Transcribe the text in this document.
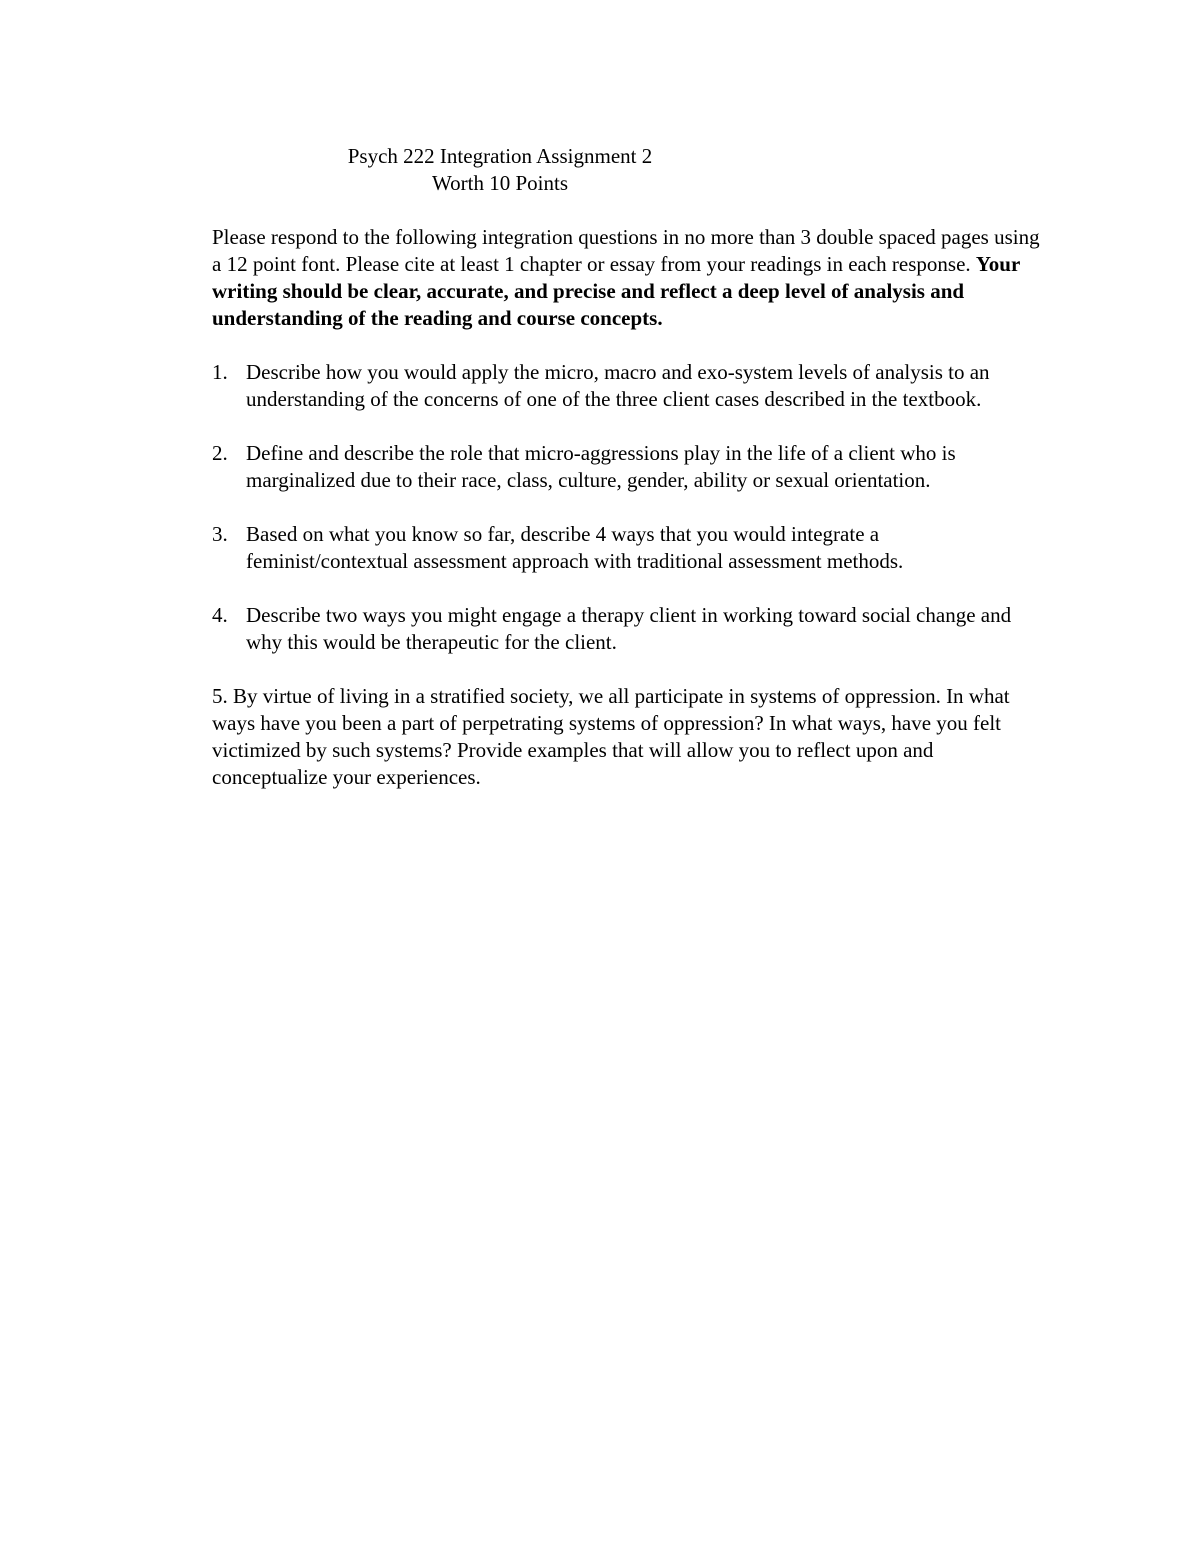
Psych 222 Integration Assignment 2
Worth 10 Points
Please respond to the following integration questions in no more than 3 double spaced pages using a 12 point font. Please cite at least 1 chapter or essay from your readings in each response. Your writing should be clear, accurate, and precise and reflect a deep level of analysis and understanding of the reading and course concepts.
1. Describe how you would apply the micro, macro and exo-system levels of analysis to an understanding of the concerns of one of the three client cases described in the textbook.
2. Define and describe the role that micro-aggressions play in the life of a client who is marginalized due to their race, class, culture, gender, ability or sexual orientation.
3. Based on what you know so far, describe 4 ways that you would integrate a feminist/contextual assessment approach with traditional assessment methods.
4. Describe two ways you might engage a therapy client in working toward social change and why this would be therapeutic for the client.
5. By virtue of living in a stratified society, we all participate in systems of oppression. In what ways have you been a part of perpetrating systems of oppression? In what ways, have you felt victimized by such systems? Provide examples that will allow you to reflect upon and conceptualize your experiences.
